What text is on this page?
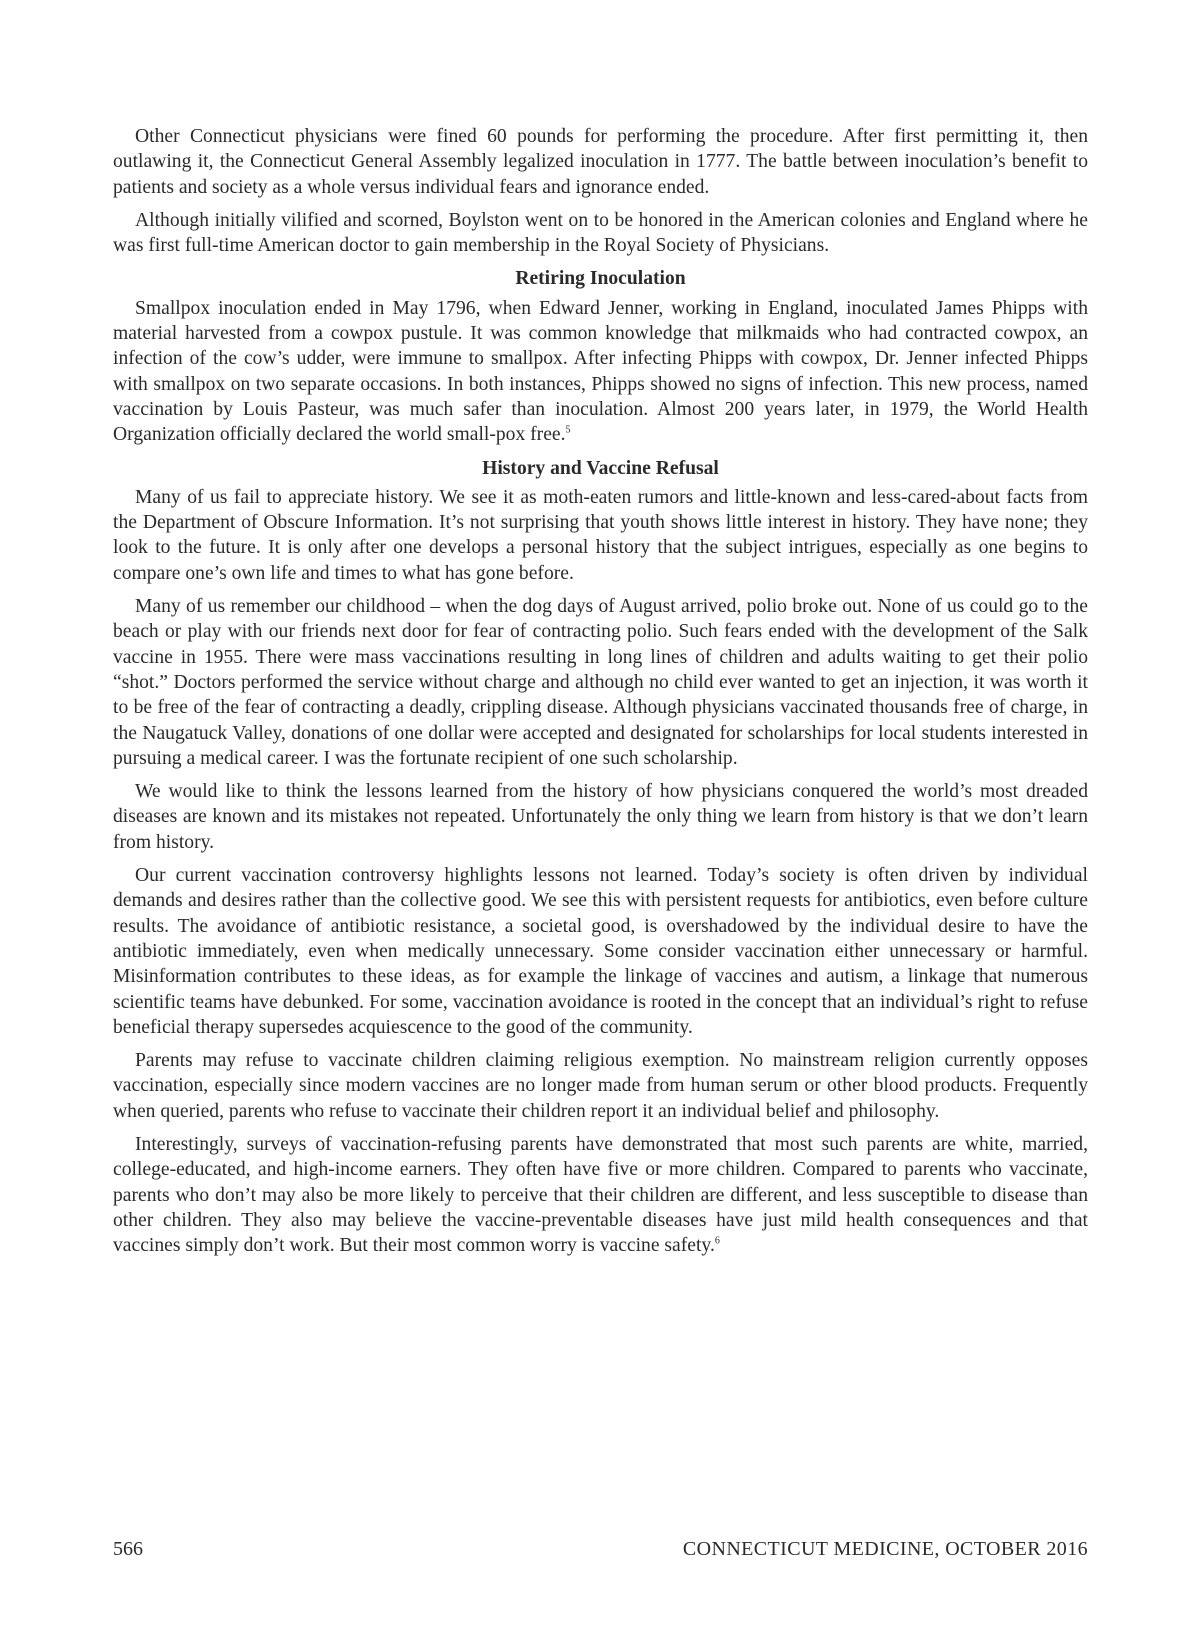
Other Connecticut physicians were fined 60 pounds for performing the procedure. After first permitting it, then outlawing it, the Connecticut General Assembly legalized inoculation in 1777. The battle between inoculation’s benefit to patients and society as a whole versus individual fears and ignorance ended.

Although initially vilified and scorned, Boylston went on to be honored in the American colonies and England where he was first full-time American doctor to gain membership in the Royal Society of Physicians.

Retiring Inoculation

Smallpox inoculation ended in May 1796, when Edward Jenner, working in England, inoculated James Phipps with material harvested from a cowpox pustule. It was common knowledge that milkmaids who had contracted cowpox, an infection of the cow’s udder, were immune to smallpox. After infecting Phipps with cowpox, Dr. Jenner infected Phipps with smallpox on two separate occasions. In both instances, Phipps showed no signs of infection. This new process, named vaccination by Louis Pasteur, was much safer than inoculation. Almost 200 years later, in 1979, the World Health Organization officially declared the world small-pox free.$^5$

History and Vaccine Refusal

Many of us fail to appreciate history. We see it as moth-eaten rumors and little-known and less-cared-about facts from the Department of Obscure Information. It’s not surprising that youth shows little interest in history. They have none; they look to the future. It is only after one develops a personal history that the subject intrigues, especially as one begins to compare one’s own life and times to what has gone before.

Many of us remember our childhood – when the dog days of August arrived, polio broke out. None of us could go to the beach or play with our friends next door for fear of contracting polio. Such fears ended with the development of the Salk vaccine in 1955. There were mass vaccinations resulting in long lines of children and adults waiting to get their polio “shot.” Doctors performed the service without charge and although no child ever wanted to get an injection, it was worth it to be free of the fear of contracting a deadly, crippling disease. Although physicians vaccinated thousands free of charge, in the Naugatuck Valley, donations of one dollar were accepted and designated for scholarships for local students interested in pursuing a medical career. I was the fortunate recipient of one such scholarship.

We would like to think the lessons learned from the history of how physicians conquered the world’s most dreaded diseases are known and its mistakes not repeated. Unfortunately the only thing we learn from history is that we don’t learn from history.

Our current vaccination controversy highlights lessons not learned. Today’s society is often driven by individual demands and desires rather than the collective good. We see this with persistent requests for antibiotics, even before culture results. The avoidance of antibiotic resistance, a societal good, is overshadowed by the individual desire to have the antibiotic immediately, even when medically unnecessary. Some consider vaccination either unnecessary or harmful. Misinformation contributes to these ideas, as for example the linkage of vaccines and autism, a linkage that numerous scientific teams have debunked. For some, vaccination avoidance is rooted in the concept that an individual’s right to refuse beneficial therapy supersedes acquiescence to the good of the community.

Parents may refuse to vaccinate children claiming religious exemption. No mainstream religion currently opposes vaccination, especially since modern vaccines are no longer made from human serum or other blood products. Frequently when queried, parents who refuse to vaccinate their children report it an individual belief and philosophy.

Interestingly, surveys of vaccination-refusing parents have demonstrated that most such parents are white, married, college-educated, and high-income earners. They often have five or more children. Compared to parents who vaccinate, parents who don’t may also be more likely to perceive that their children are different, and less susceptible to disease than other children. They also may believe the vaccine-preventable diseases have just mild health consequences and that vaccines simply don’t work. But their most common worry is vaccine safety.$^6$

566	CONNECTICUT MEDICINE, OCTOBER 2016
